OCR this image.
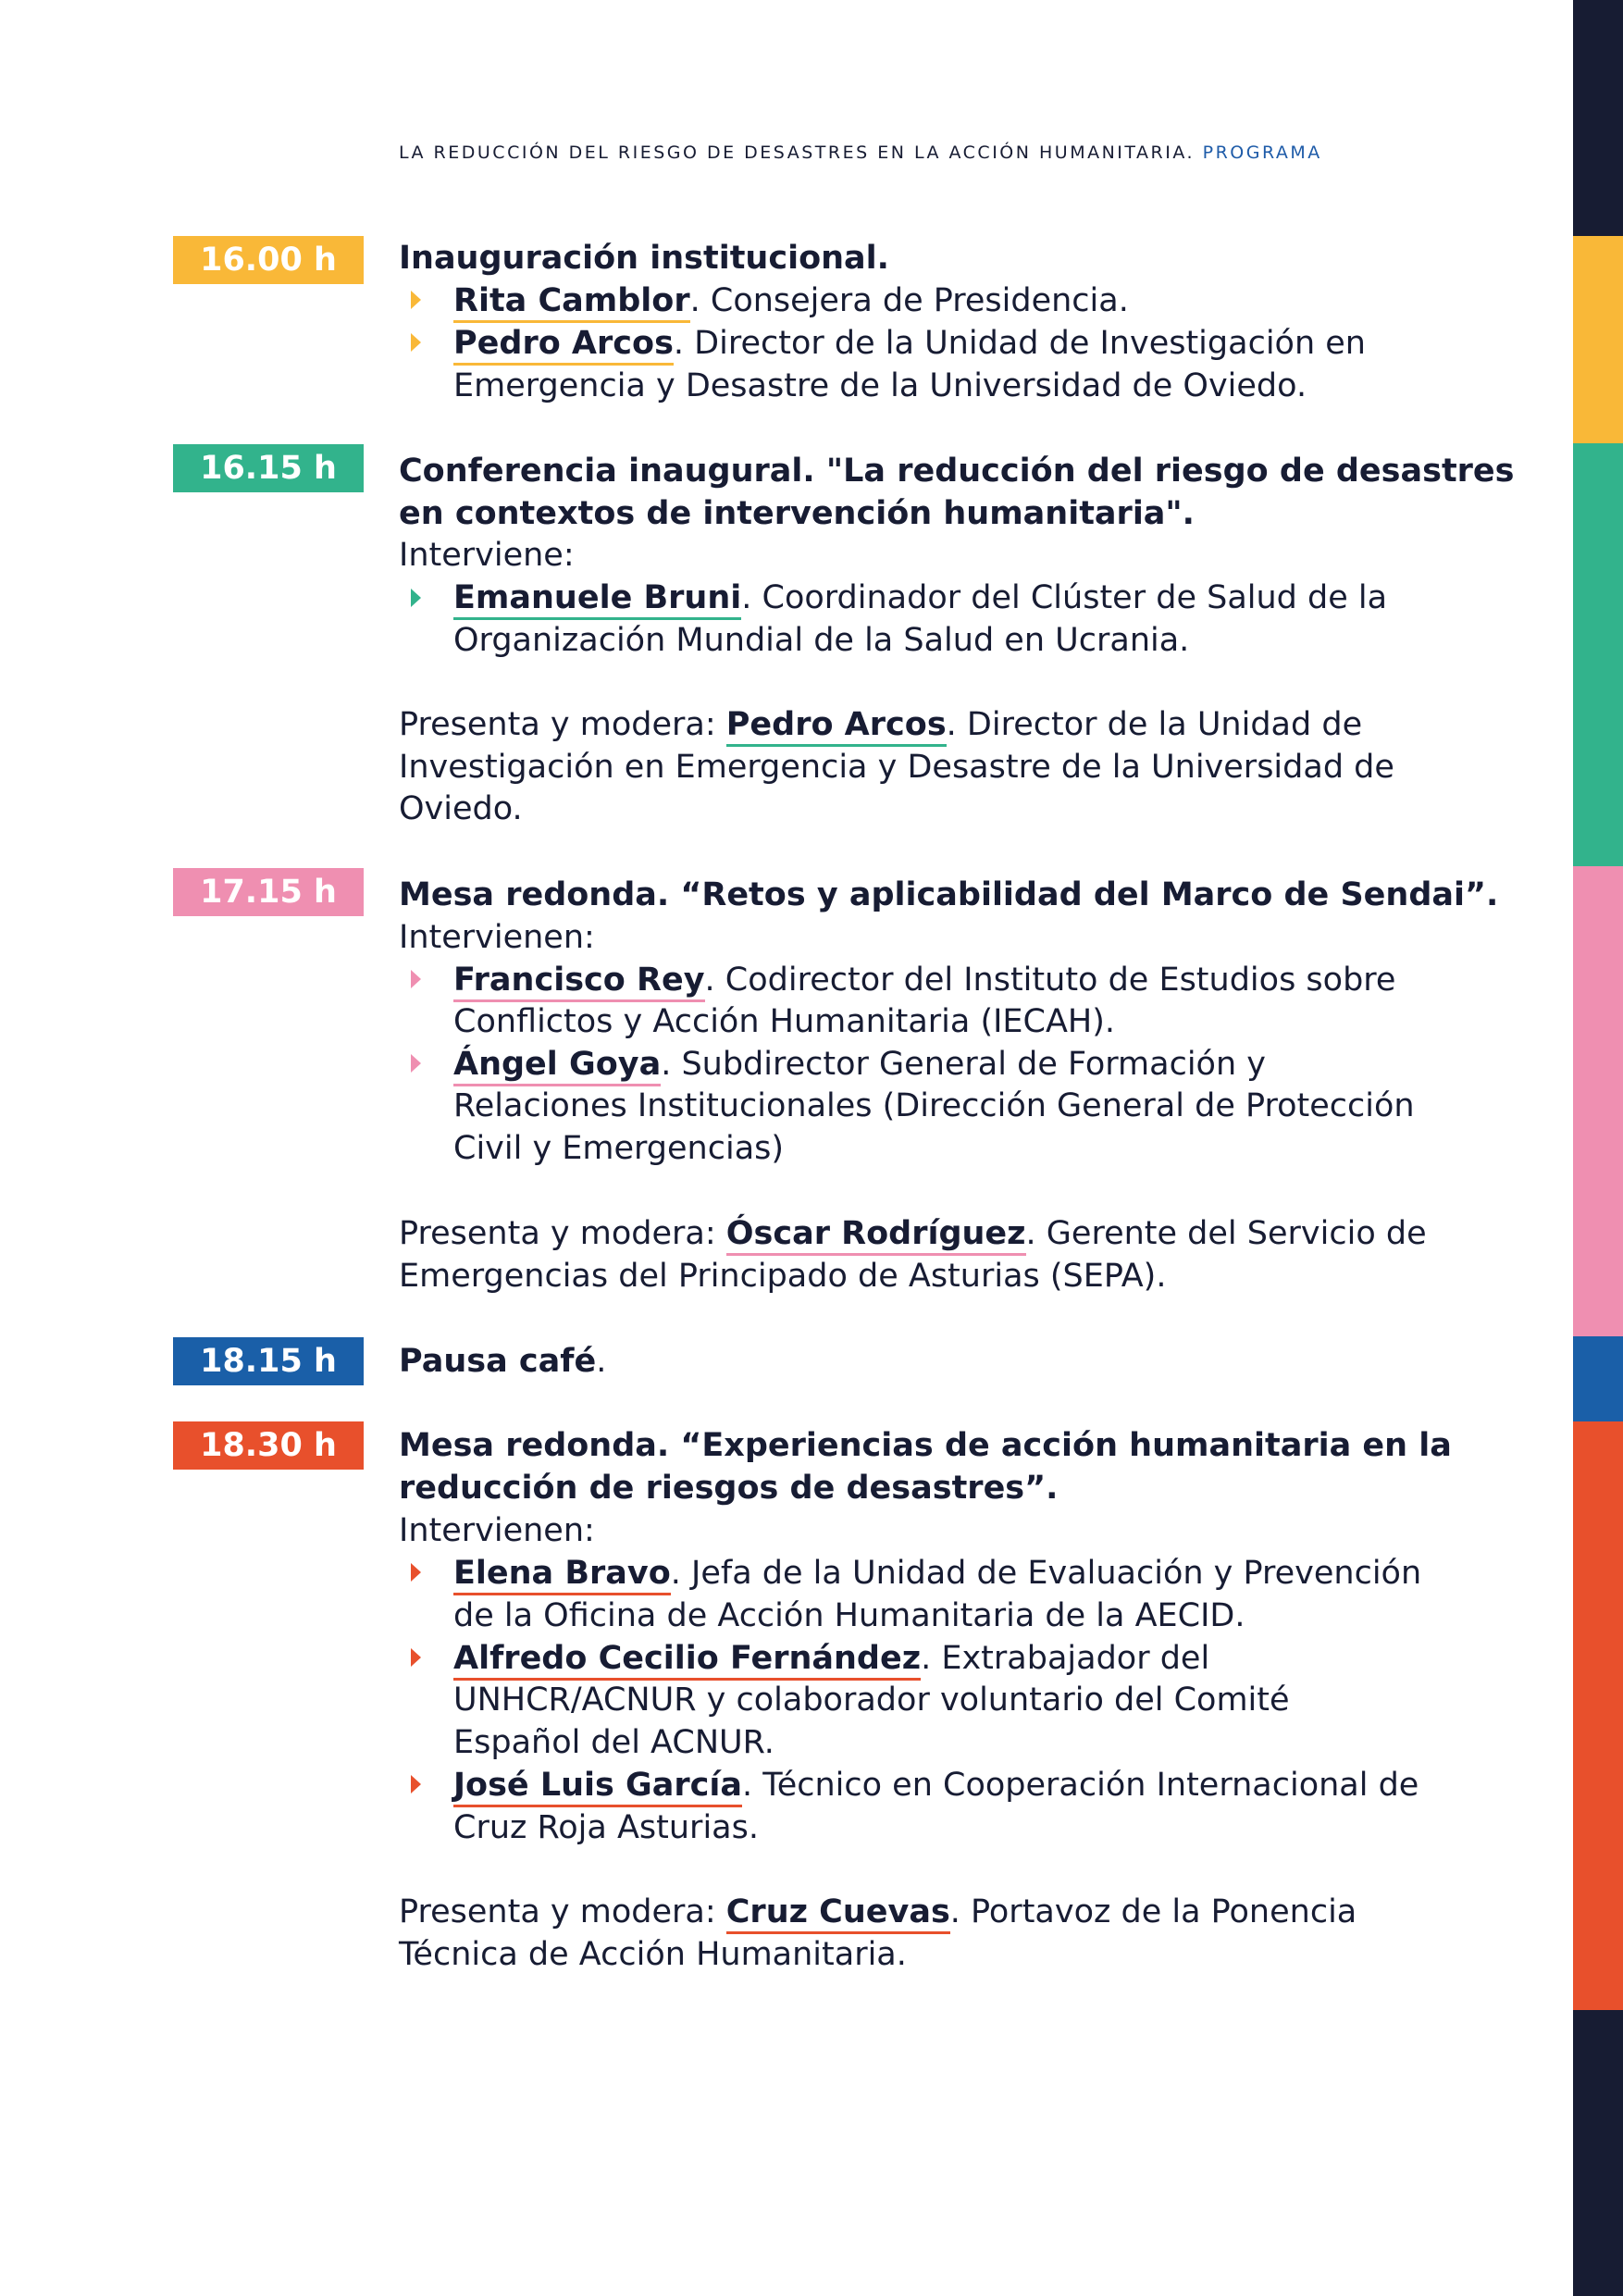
LA REDUCCIÓN DEL RIESGO DE DESASTRES EN LA ACCIÓN HUMANITARIA. PROGRAMA
16.00 h	Inauguración institucional.
Rita Camblor. Consejera de Presidencia.
Pedro Arcos. Director de la Unidad de Investigación en
Emergencia y Desastre de la Universidad de Oviedo.
16.15 h	Conferencia inaugural. "La reducción del riesgo de desastres
en contextos de intervención humanitaria".
Interviene:
Emanuele Bruni. Coordinador del Clúster de Salud de la
Organización Mundial de la Salud en Ucrania.
Presenta y modera: Pedro Arcos. Director de la Unidad de
Investigación en Emergencia y Desastre de la Universidad de
Oviedo.
17.15 h	Mesa redonda. “Retos y aplicabilidad del Marco de Sendai”.
Intervienen:
Francisco Rey. Codirector del Instituto de Estudios sobre
Conflictos y Acción Humanitaria (IECAH).
Ángel Goya. Subdirector General de Formación y
Relaciones Institucionales (Dirección General de Protección
Civil y Emergencias)
Presenta y modera: Óscar Rodríguez. Gerente del Servicio de
Emergencias del Principado de Asturias (SEPA).
18.15 h	Pausa café.
18.30 h	Mesa redonda. “Experiencias de acción humanitaria en la
reducción de riesgos de desastres”.
Intervienen:
Elena Bravo. Jefa de la Unidad de Evaluación y Prevención
de la Oficina de Acción Humanitaria de la AECID.
Alfredo Cecilio Fernández. Extrabajador del
UNHCR/ACNUR y colaborador voluntario del Comité
Español del ACNUR.
José Luis García. Técnico en Cooperación Internacional de
Cruz Roja Asturias.
Presenta y modera: Cruz Cuevas. Portavoz de la Ponencia
Técnica de Acción Humanitaria.
